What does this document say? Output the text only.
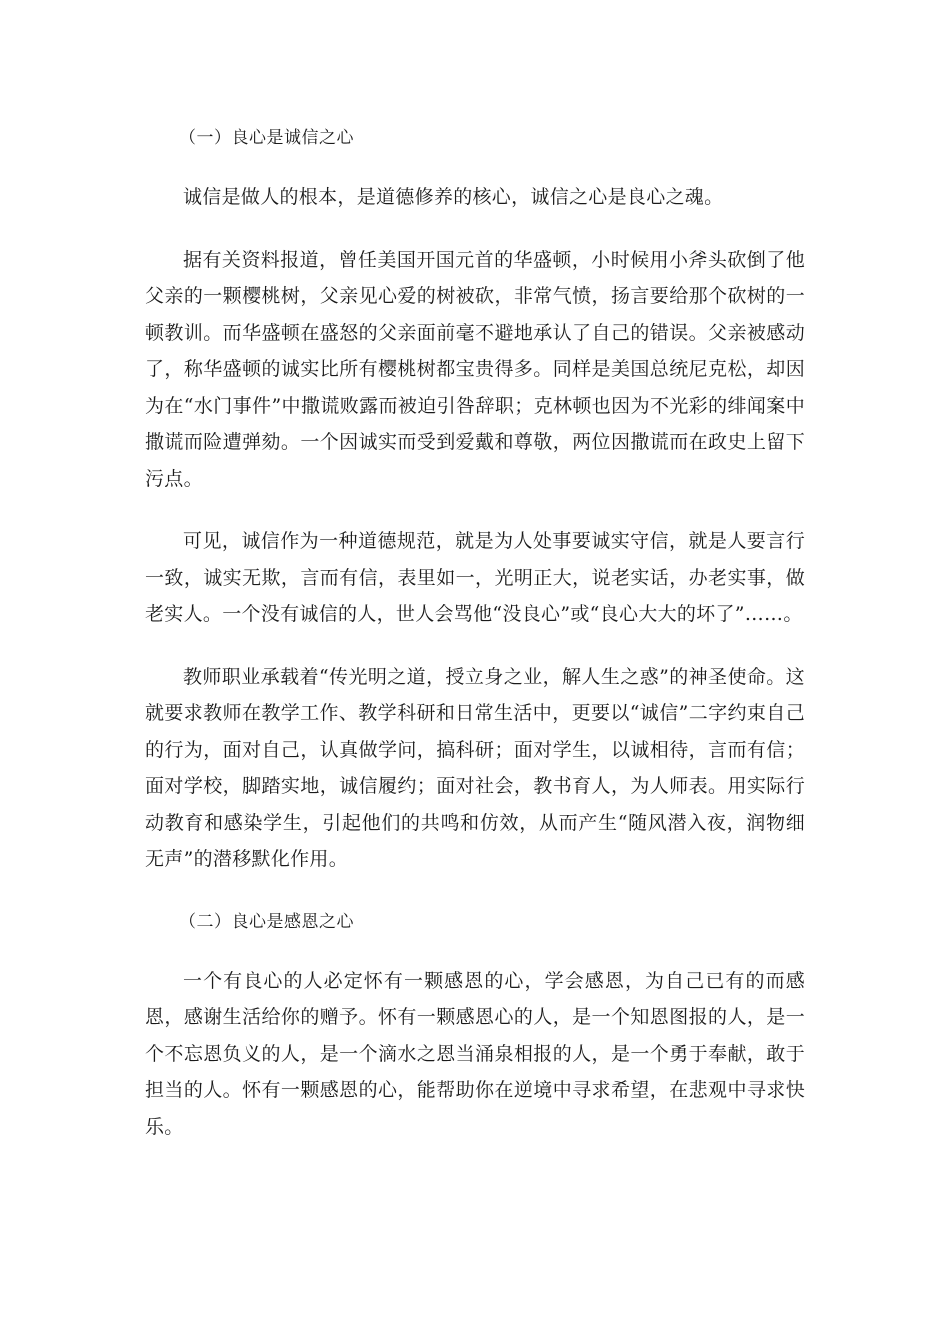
（一）良心是诚信之心

诚信是做人的根本，是道德修养的核心，诚信之心是良心之魂。

据有关资料报道，曾任美国开国元首的华盛顿，小时候用小斧头砍倒了他父亲的一颗樱桃树，父亲见心爱的树被砍，非常气愤，扬言要给那个砍树的一顿教训。而华盛顿在盛怒的父亲面前毫不避地承认了自己的错误。父亲被感动了，称华盛顿的诚实比所有樱桃树都宝贵得多。同样是美国总统尼克松，却因为在“水门事件”中撒谎败露而被迫引咎辞职；克林顿也因为不光彩的绯闻案中撒谎而险遭弹劾。一个因诚实而受到爱戴和尊敬，两位因撒谎而在政史上留下污点。

可见，诚信作为一种道德规范，就是为人处事要诚实守信，就是人要言行一致，诚实无欺，言而有信，表里如一，光明正大，说老实话，办老实事，做老实人。一个没有诚信的人，世人会骂他“没良心”或“良心大大的坏了”……。

教师职业承载着“传光明之道，授立身之业，解人生之惑”的神圣使命。这就要求教师在教学工作、教学科研和日常生活中，更要以“诚信”二字约束自己的行为，面对自己，认真做学问，搞科研；面对学生，以诚相待，言而有信；面对学校，脚踏实地，诚信履约；面对社会，教书育人，为人师表。用实际行动教育和感染学生，引起他们的共鸣和仿效，从而产生“随风潜入夜，润物细无声”的潜移默化作用。

（二）良心是感恩之心

一个有良心的人必定怀有一颗感恩的心，学会感恩，为自己已有的而感恩，感谢生活给你的赠予。怀有一颗感恩心的人，是一个知恩图报的人，是一个不忘恩负义的人，是一个滴水之恩当涌泉相报的人，是一个勇于奉献，敢于担当的人。怀有一颗感恩的心，能帮助你在逆境中寻求希望，在悲观中寻求快乐。
